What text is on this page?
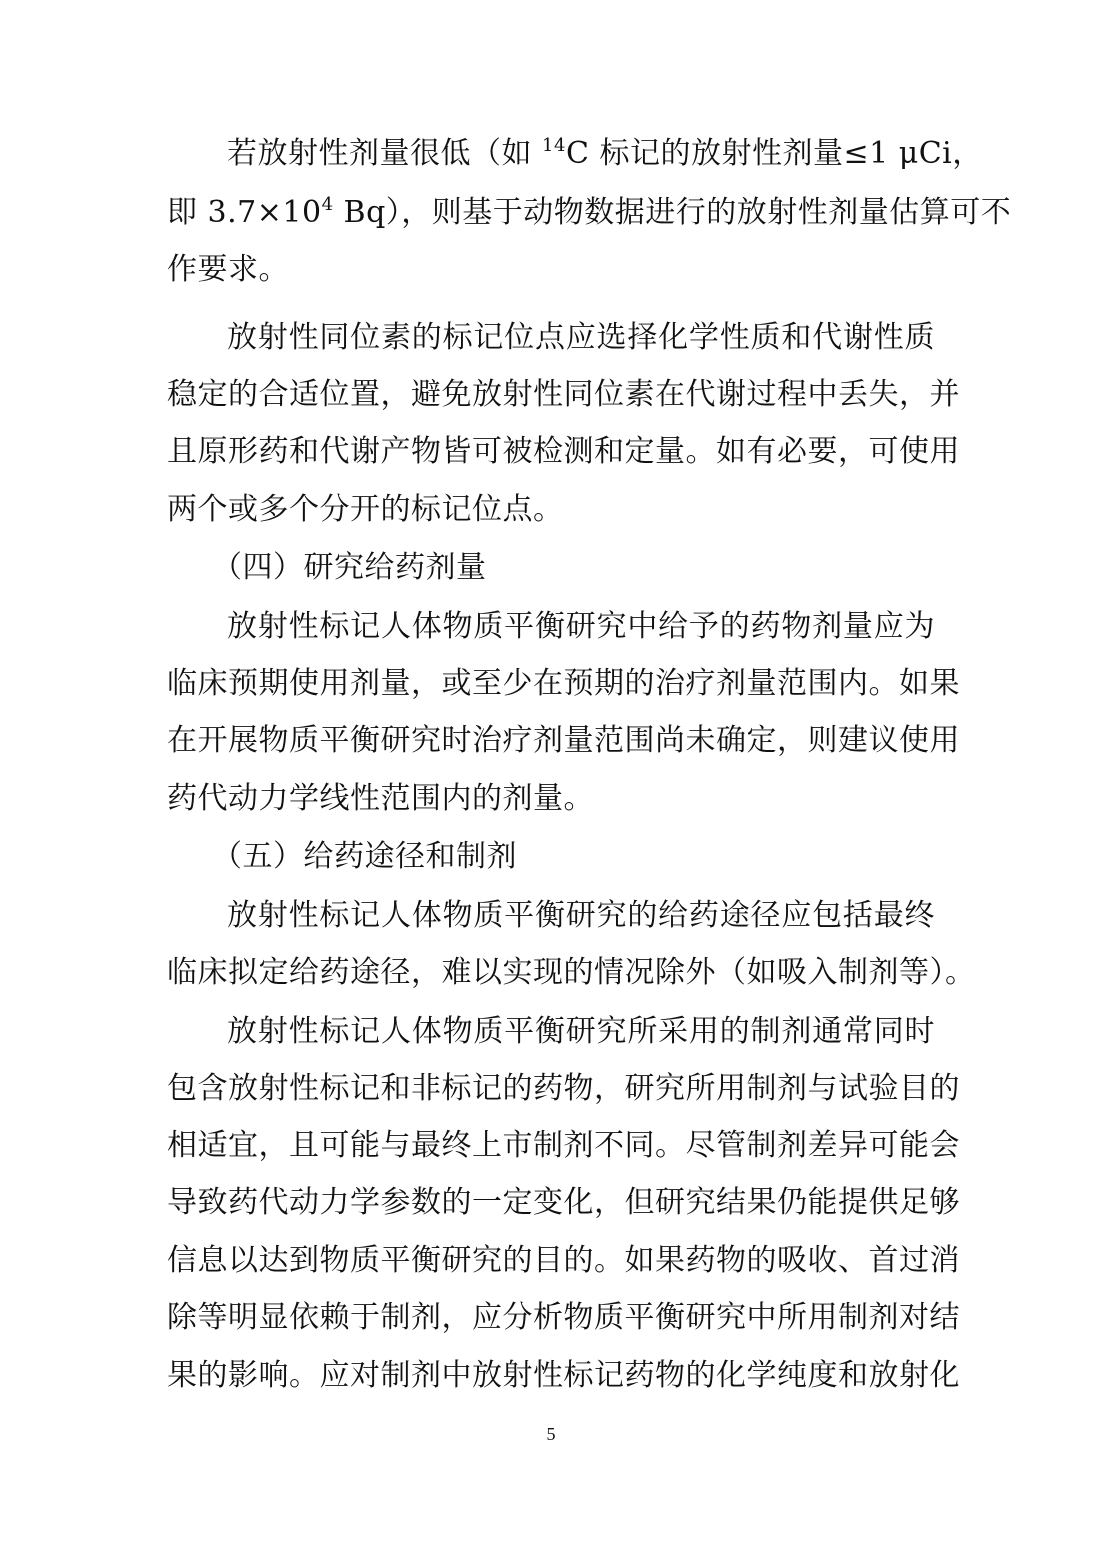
若放射性剂量很低（如 $^{14}$C 标记的放射性剂量≤1 μCi，
即 $3.7\times 10^4$ Bq），则基于动物数据进行的放射性剂量估算可不
作要求。
放射性同位素的标记位点应选择化学性质和代谢性质
稳定的合适位置，避免放射性同位素在代谢过程中丢失，并
且原形药和代谢产物皆可被检测和定量。如有必要，可使用
两个或多个分开的标记位点。
（四）研究给药剂量
放射性标记人体物质平衡研究中给予的药物剂量应为
临床预期使用剂量，或至少在预期的治疗剂量范围内。如果
在开展物质平衡研究时治疗剂量范围尚未确定，则建议使用
药代动力学线性范围内的剂量。
（五）给药途径和制剂
放射性标记人体物质平衡研究的给药途径应包括最终
临床拟定给药途径，难以实现的情况除外（如吸入制剂等）。
放射性标记人体物质平衡研究所采用的制剂通常同时
包含放射性标记和非标记的药物，研究所用制剂与试验目的
相适宜，且可能与最终上市制剂不同。尽管制剂差异可能会
导致药代动力学参数的一定变化，但研究结果仍能提供足够
信息以达到物质平衡研究的目的。如果药物的吸收、首过消
除等明显依赖于制剂，应分析物质平衡研究中所用制剂对结
果的影响。应对制剂中放射性标记药物的化学纯度和放射化
5
